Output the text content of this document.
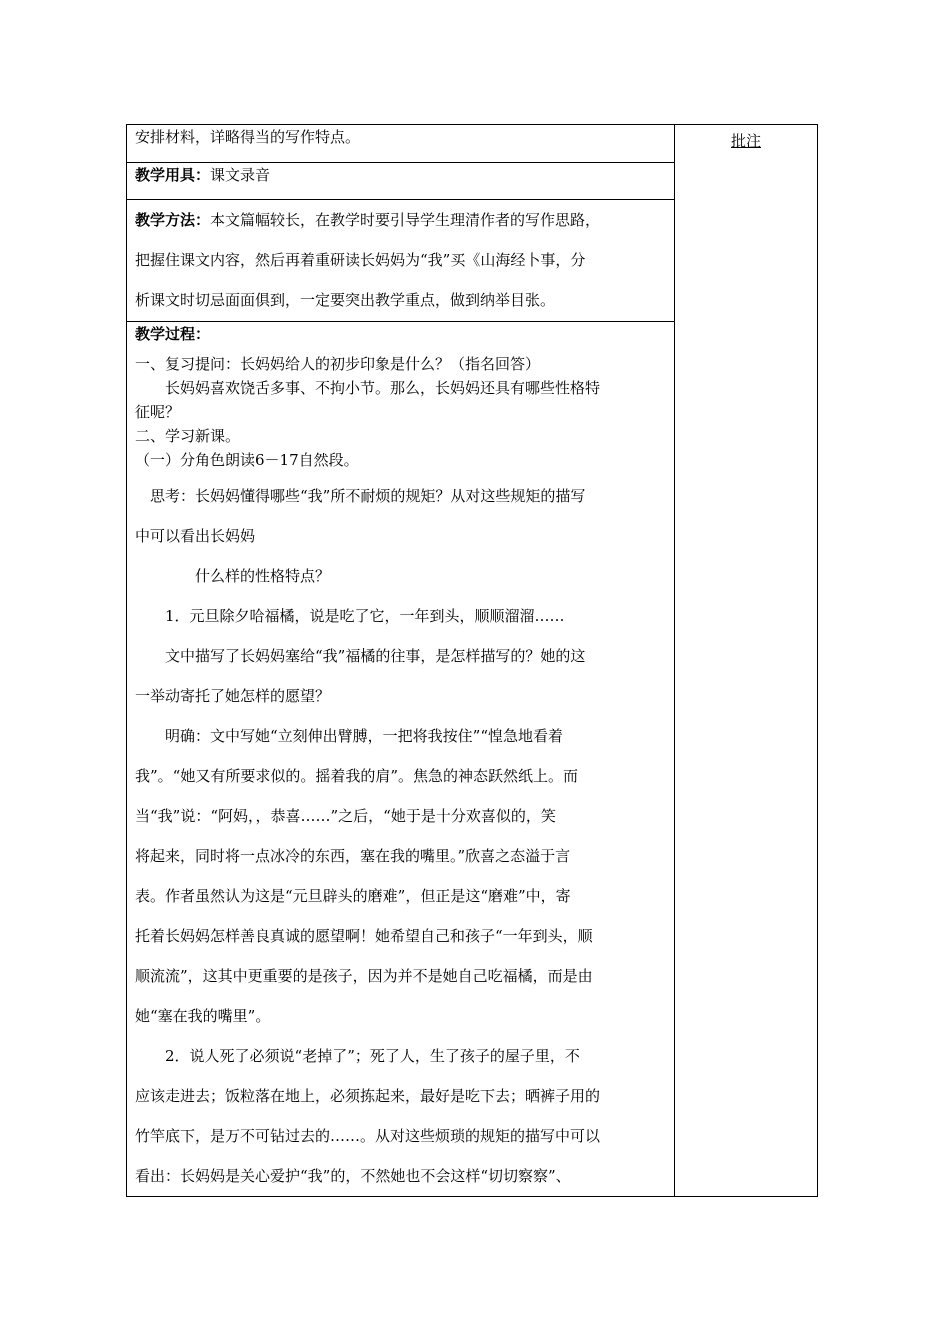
安排材料，详略得当的写作特点。	批注

教学用具：课文录音

教学方法：本文篇幅较长，在教学时要引导学生理清作者的写作思路，

把握住课文内容，然后再着重研读长妈妈为“我”买《山海经卜事，分

析课文时切忌面面俱到，一定要突出教学重点，做到纳举目张。

教学过程：

一、复习提问：长妈妈给人的初步印象是什么？（指名回答）

长妈妈喜欢饶舌多事、不拘小节。那么，长妈妈还具有哪些性格特

征呢？

二、学习新课。

（一）分角色朗读6－17自然段。

思考：长妈妈懂得哪些“我”所不耐烦的规矩？从对这些规矩的描写

中可以看出长妈妈

什么样的性格特点？

1．元旦除夕哈福橘，说是吃了它，一年到头，顺顺溜溜……

文中描写了长妈妈塞给“我”福橘的往事，是怎样描写的？她的这

一举动寄托了她怎样的愿望？

明确：文中写她“立刻伸出臂膊，一把将我按住”“惶急地看着

我”。“她又有所要求似的。摇着我的肩”。焦急的神态跃然纸上。而

当“我”说：“阿妈，，恭喜……”之后，“她于是十分欢喜似的，笑

将起来，同时将一点冰冷的东西，塞在我的嘴里。”欣喜之态溢于言

表。作者虽然认为这是“元旦辟头的磨难”，但正是这“磨难”中，寄

托着长妈妈怎样善良真诚的愿望啊！她希望自己和孩子“一年到头，顺

顺流流”，这其中更重要的是孩子，因为并不是她自己吃福橘，而是由

她“塞在我的嘴里”。

2．说人死了必须说“老掉了”；死了人，生了孩子的屋子里，不

应该走进去；饭粒落在地上，必须拣起来，最好是吃下去；晒裤子用的

竹竿底下，是万不可钻过去的……。从对这些烦琐的规矩的描写中可以

看出：长妈妈是关心爱护“我”的，不然她也不会这样“切切察察”、
